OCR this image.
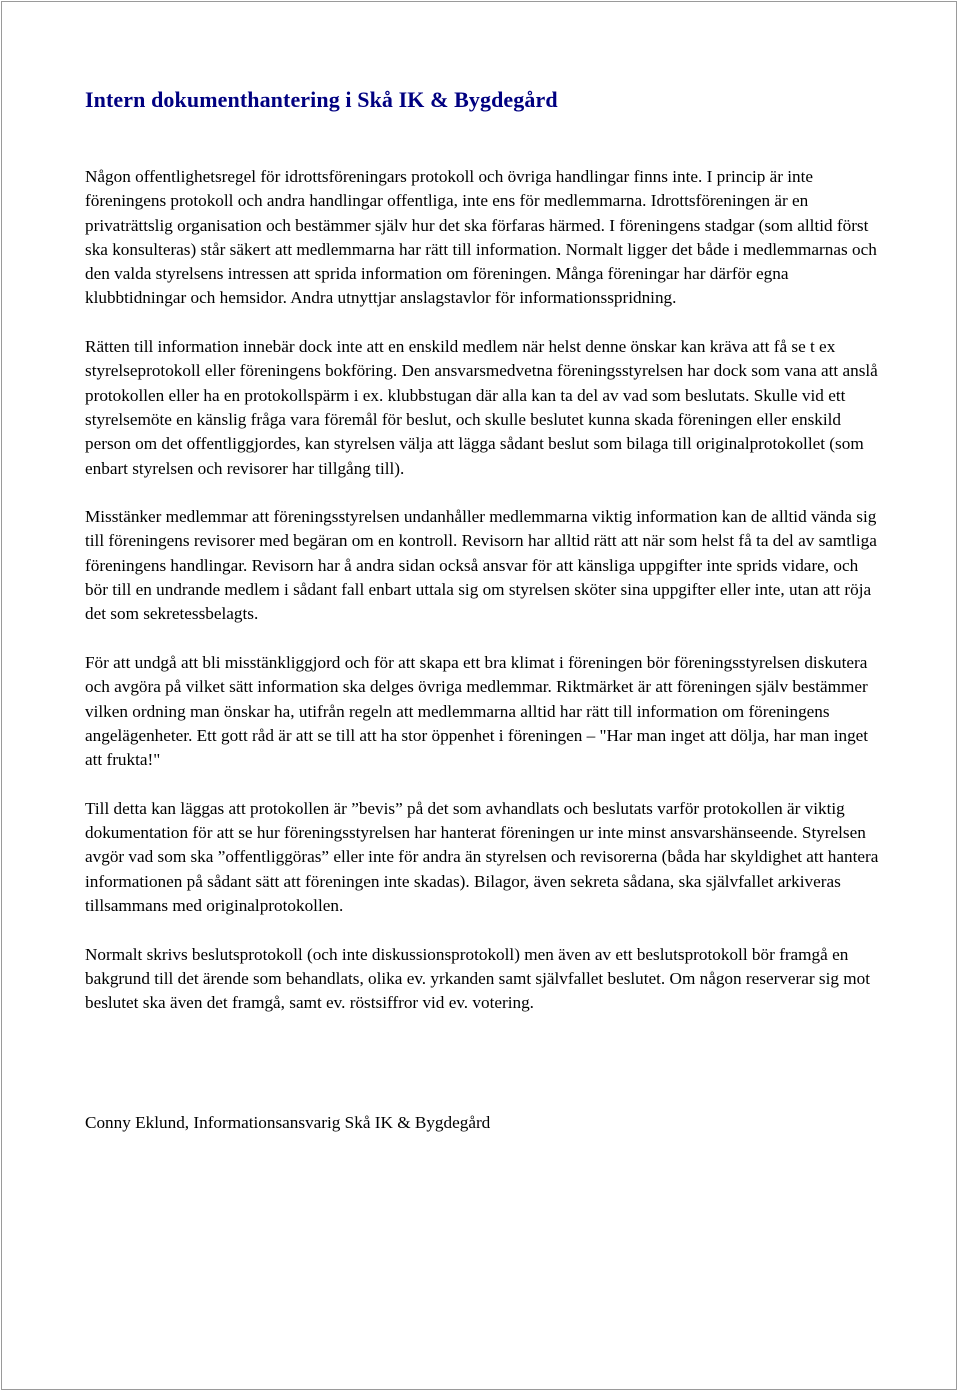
Intern dokumenthantering i Skå IK & Bygdegård

Någon offentlighetsregel för idrottsföreningars protokoll och övriga handlingar finns inte. I princip är inte föreningens protokoll och andra handlingar offentliga, inte ens för medlemmarna. Idrottsföreningen är en privaträttslig organisation och bestämmer själv hur det ska förfaras härmed. I föreningens stadgar (som alltid först ska konsulteras) står säkert att medlemmarna har rätt till information. Normalt ligger det både i medlemmarnas och den valda styrelsens intressen att sprida information om föreningen. Många föreningar har därför egna klubbtidningar och hemsidor. Andra utnyttjar anslagstavlor för informationsspridning.

Rätten till information innebär dock inte att en enskild medlem när helst denne önskar kan kräva att få se t ex styrelseprotokoll eller föreningens bokföring. Den ansvarsmedvetna föreningsstyrelsen har dock som vana att anslå protokollen eller ha en protokollspärm i ex. klubbstugan där alla kan ta del av vad som beslutats. Skulle vid ett styrelsemöte en känslig fråga vara föremål för beslut, och skulle beslutet kunna skada föreningen eller enskild person om det offentliggjordes, kan styrelsen välja att lägga sådant beslut som bilaga till originalprotokollet (som enbart styrelsen och revisorer har tillgång till).

Misstänker medlemmar att föreningsstyrelsen undanhåller medlemmarna viktig information kan de alltid vända sig till föreningens revisorer med begäran om en kontroll. Revisorn har alltid rätt att när som helst få ta del av samtliga föreningens handlingar. Revisorn har å andra sidan också ansvar för att känsliga uppgifter inte sprids vidare, och bör till en undrande medlem i sådant fall enbart uttala sig om styrelsen sköter sina uppgifter eller inte, utan att röja det som sekretessbelagts.

För att undgå att bli misstänkliggjord och för att skapa ett bra klimat i föreningen bör föreningsstyrelsen diskutera och avgöra på vilket sätt information ska delges övriga medlemmar. Riktmärket är att föreningen själv bestämmer vilken ordning man önskar ha, utifrån regeln att medlemmarna alltid har rätt till information om föreningens angelägenheter. Ett gott råd är att se till att ha stor öppenhet i föreningen – "Har man inget att dölja, har man inget att frukta!"

Till detta kan läggas att protokollen är ”bevis” på det som avhandlats och beslutats varför protokollen är viktig dokumentation för att se hur föreningsstyrelsen har hanterat föreningen ur inte minst ansvarshänseende. Styrelsen avgör vad som ska ”offentliggöras” eller inte för andra än styrelsen och revisorerna (båda har skyldighet att hantera informationen på sådant sätt att föreningen inte skadas). Bilagor, även sekreta sådana, ska självfallet arkiveras tillsammans med originalprotokollen.

Normalt skrivs beslutsprotokoll (och inte diskussionsprotokoll) men även av ett beslutsprotokoll bör framgå en bakgrund till det ärende som behandlats, olika ev. yrkanden samt självfallet beslutet. Om någon reserverar sig mot beslutet ska även det framgå, samt ev. röstsiffror vid ev. votering.

Conny Eklund, Informationsansvarig Skå IK & Bygdegård
